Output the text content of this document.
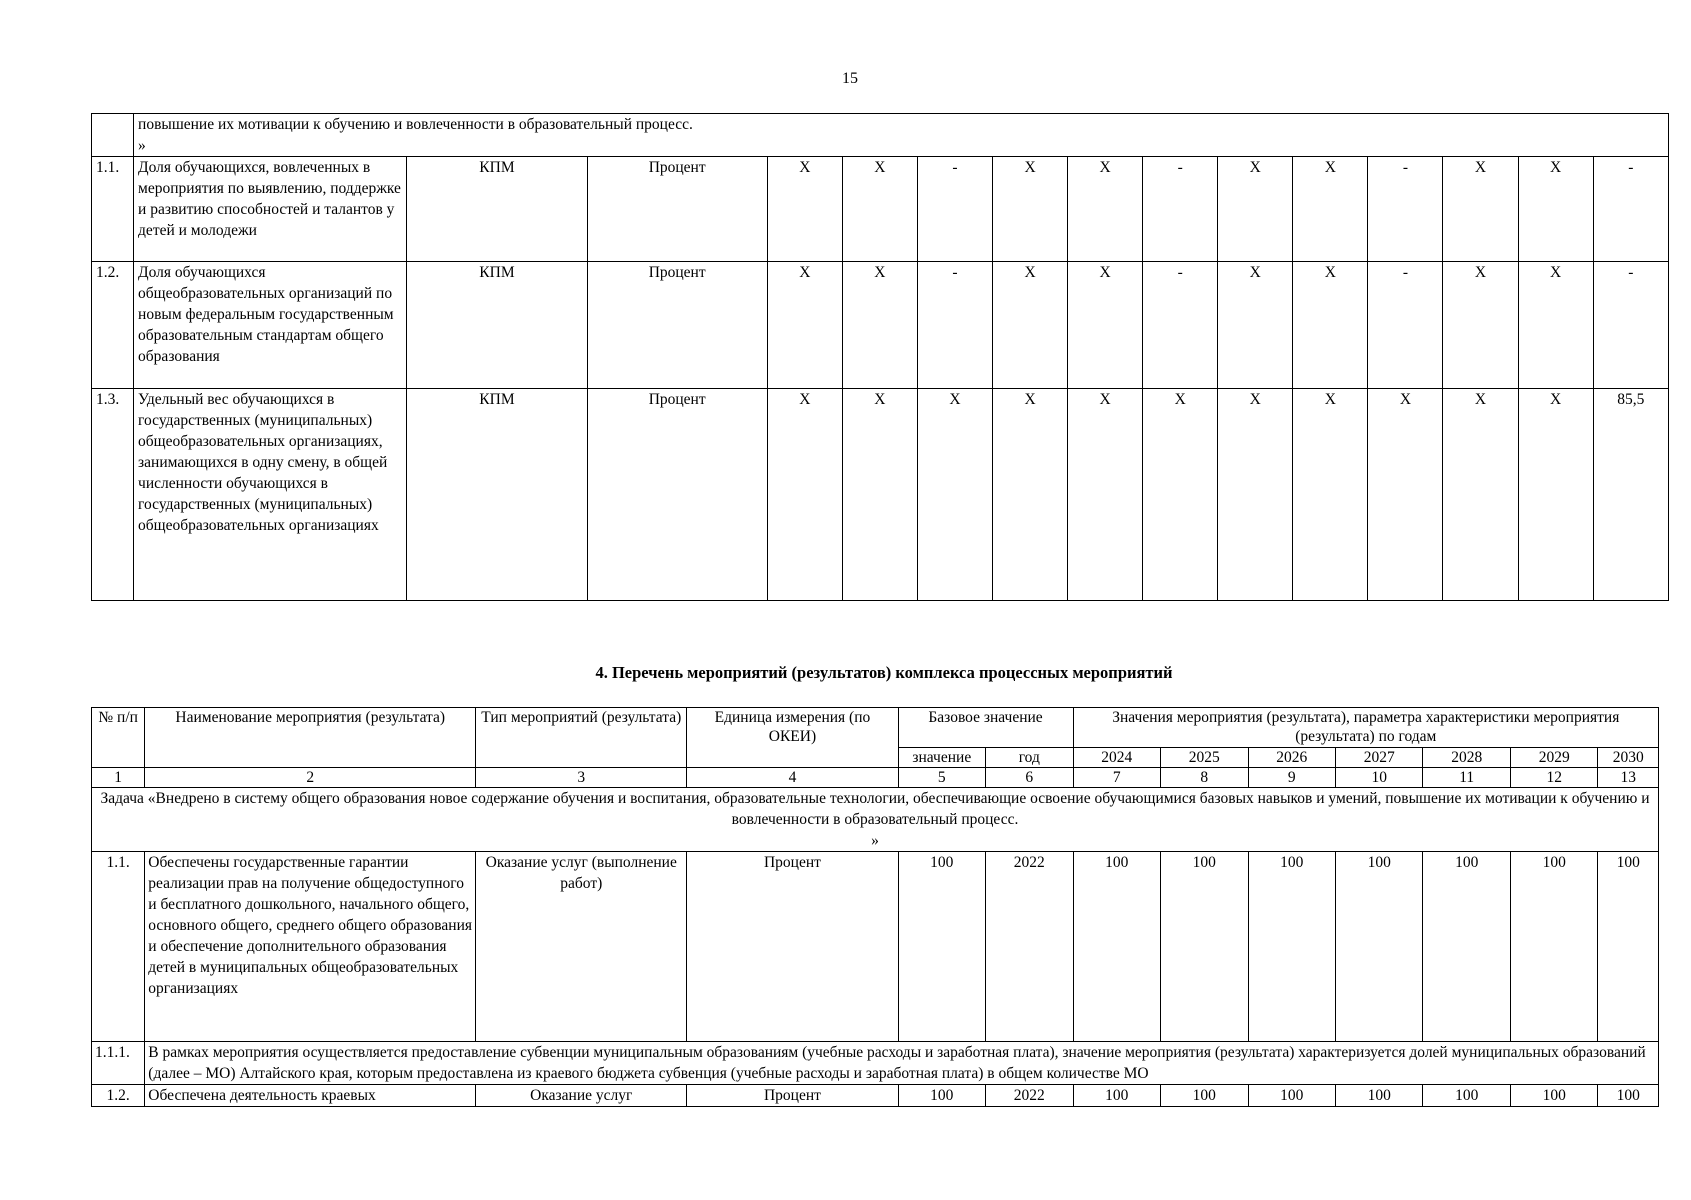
15

	повышение их мотивации к обучению и вовлеченности в образовательный процесс.
»														

1.1.	Доля обучающихся, вовлеченных в мероприятия по выявлению, поддержке и развитию способностей и талантов у детей и молодежи	КПМ	Процент	X	X	-	X	X	-	X	X	-	X	X	-
1.2.	Доля обучающихся общеобразовательных организаций по новым федеральным государственным образовательным стандартам общего образования	КПМ	Процент	X	X	-	X	X	-	X	X	-	X	X	-
1.3.	Удельный вес обучающихся в государственных (муниципальных) общеобразовательных организациях, занимающихся в одну смену, в общей численности обучающихся в государственных (муниципальных) общеобразовательных организациях	КПМ	Процент	X	X	X	X	X	X	X	X	X	X	X	85,5
4. Перечень мероприятий (результатов) комплекса процессных мероприятий
№ п/п	Наименование мероприятия (результата)	Тип мероприятий (результата)	Единица измерения (по ОКЕИ)	Базовое значение		Значения мероприятия (результата), параметра характеристики мероприятия (результата) по годам						
				значение	год	2024	2025	2026	2027	2028	2029	2030
1	2	3	4	5	6	7	8	9	10	11	12	13

Задача «Внедрено в систему общего образования новое содержание обучения и воспитания, образовательные технологии, обеспечивающие освоение обучающимися базовых навыков и умений, повышение их мотивации к обучению и вовлеченности в образовательный процесс.
»												

1.1.	Обеспечены государственные гарантии реализации прав на получение общедоступного и бесплатного дошкольного, начального общего, основного общего, среднего общего образования и обеспечение дополнительного образования детей в муниципальных общеобразовательных организациях	Оказание услуг (выполнение работ)	Процент	100	2022	100	100	100	100	100	100	100
1.1.1.	В рамках мероприятия осуществляется предоставление субвенции муниципальным образованиям (учебные расходы и заработная плата), значение мероприятия (результата) характеризуется долей муниципальных образований (далее – МО) Алтайского края, которым предоставлена из краевого бюджета субвенция (учебные расходы и заработная плата) в общем количестве МО											
1.2.	Обеспечена деятельность краевых	Оказание услуг	Процент	100	2022	100	100	100	100	100	100	100
